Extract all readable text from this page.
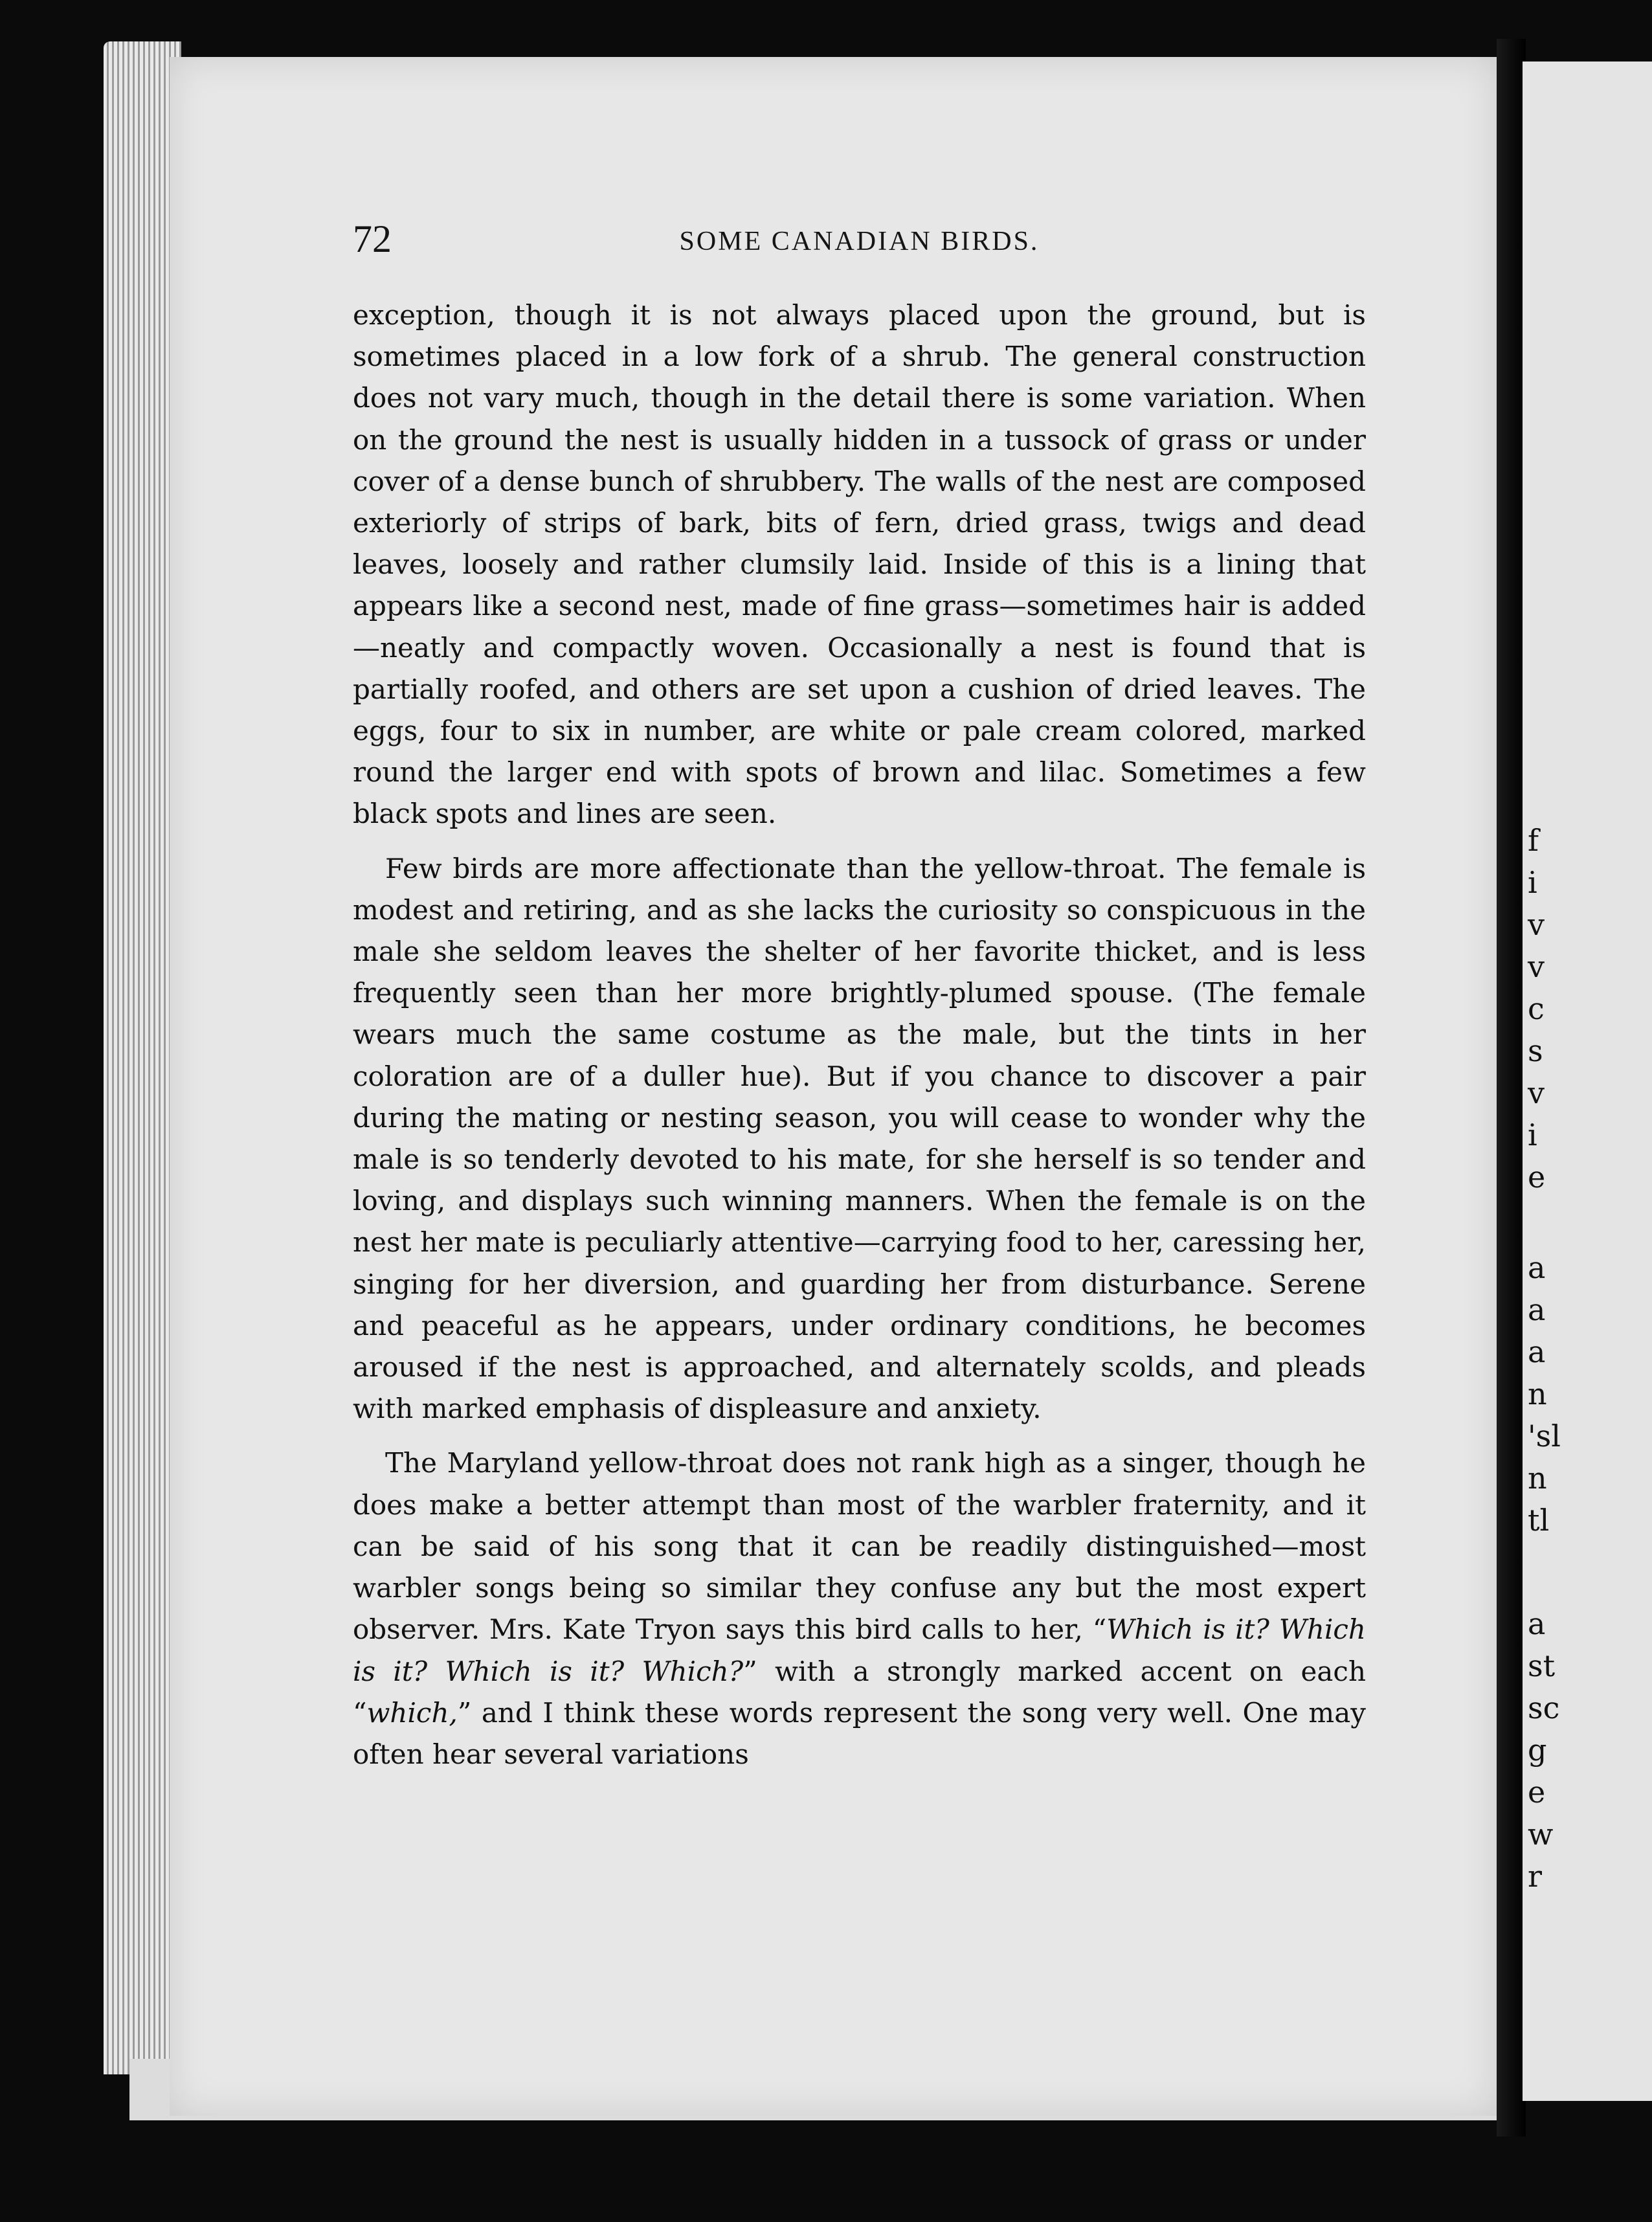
f
i
v
v
c
s
v
i
e
a
a
a
n
'sl
n
tl
a
st
sc
g
e
w
r
72	SOME CANADIAN BIRDS.

exception, though it is not always placed upon the ground, but is sometimes placed in a low fork of a shrub. The general construction does not vary much, though in the detail there is some variation. When on the ground the nest is usually hidden in a tussock of grass or under cover of a dense bunch of shrubbery. The walls of the nest are composed exteriorly of strips of bark, bits of fern, dried grass, twigs and dead leaves, loosely and rather clumsily laid. Inside of this is a lining that appears like a second nest, made of fine grass—sometimes hair is added—neatly and compactly woven. Occasionally a nest is found that is partially roofed, and others are set upon a cushion of dried leaves. The eggs, four to six in number, are white or pale cream colored, marked round the larger end with spots of brown and lilac. Sometimes a few black spots and lines are seen.

Few birds are more affectionate than the yellow-throat. The female is modest and retiring, and as she lacks the curiosity so conspicuous in the male she seldom leaves the shelter of her favorite thicket, and is less frequently seen than her more brightly-plumed spouse. (The female wears much the same costume as the male, but the tints in her coloration are of a duller hue). But if you chance to discover a pair during the mating or nesting season, you will cease to wonder why the male is so tenderly devoted to his mate, for she herself is so tender and loving, and displays such winning manners. When the female is on the nest her mate is peculiarly attentive—carrying food to her, caressing her, singing for her diversion, and guarding her from disturbance. Serene and peaceful as he appears, under ordinary conditions, he becomes aroused if the nest is approached, and alternately scolds, and pleads with marked emphasis of displeasure and anxiety.

The Maryland yellow-throat does not rank high as a singer, though he does make a better attempt than most of the warbler fraternity, and it can be said of his song that it can be readily distinguished—most warbler songs being so similar they confuse any but the most expert observer. Mrs. Kate Tryon says this bird calls to her, “Which is it? Which is it? Which is it? Which?” with a strongly marked accent on each “which,” and I think these words represent the song very well. One may often hear several variations
